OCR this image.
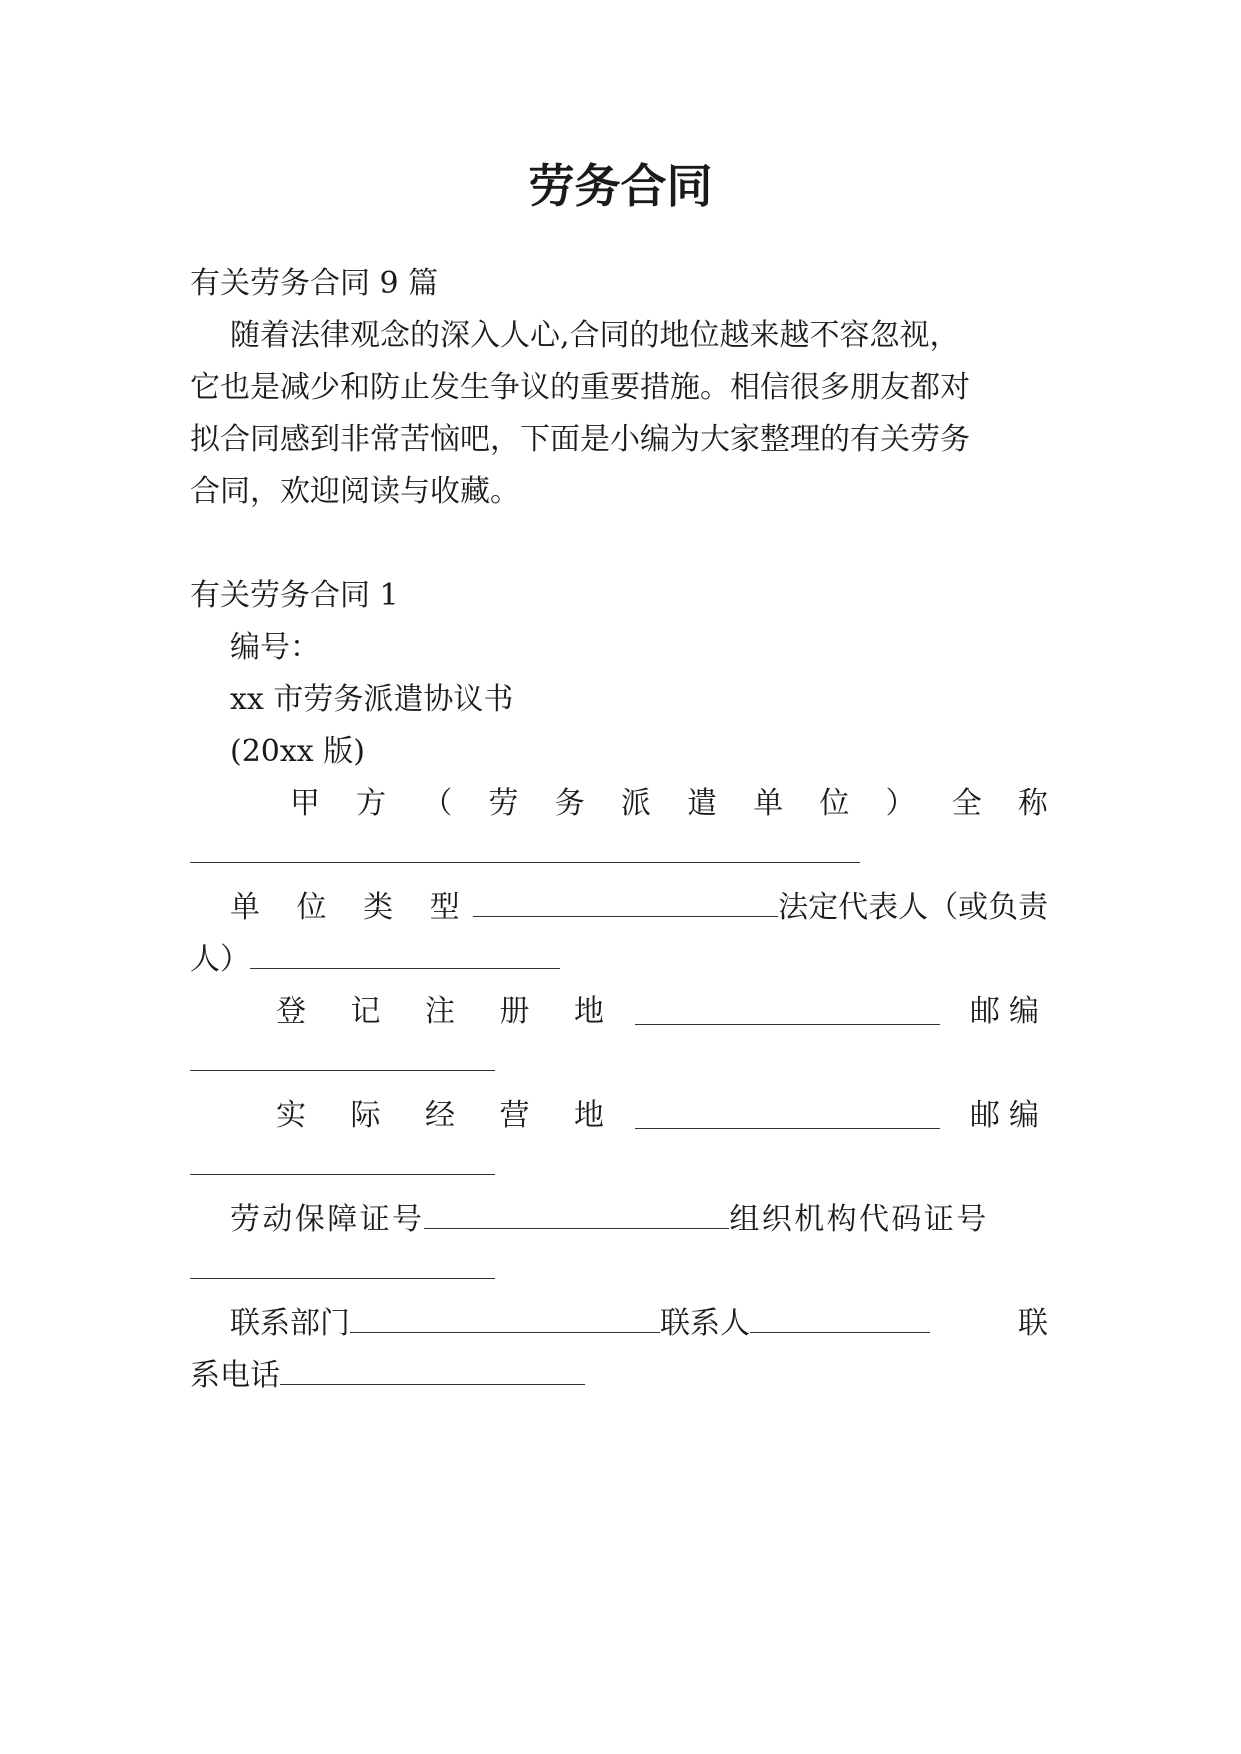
劳务合同

有关劳务合同 9 篇

随着法律观念的深入人心,合同的地位越来越不容忽视，

它也是减少和防止发生争议的重要措施。相信很多朋友都对

拟合同感到非常苦恼吧，下面是小编为大家整理的有关劳务

合同，欢迎阅读与收藏。

有关劳务合同 1

编号：

xx 市劳务派遣协议书

(20xx 版)

甲 方 （ 劳 务 派 遣 单 位 ） 全 称

单 位 类 型	法定代表人（或负责

人）

登 记 注 册 地	邮编
实 际 经 营 地	邮编

劳动保障证号	组织机构代码证号

联系部门	联系人	联

系电话
